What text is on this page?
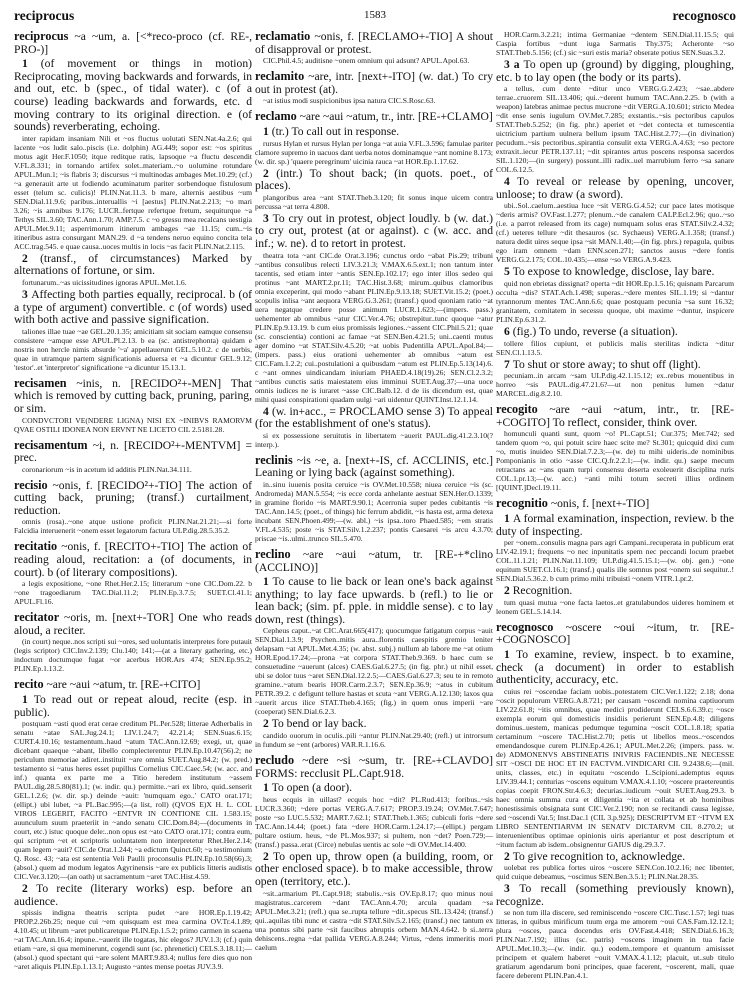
reciprocus	1583	recognosco

reciprocus ~a ~um, a. [<*reco-proco (cf. RE-, PRO-)]

1 (of movement or things in motion) Reciprocating, moving backwards and forwards, in and out, etc. b (spec., of tidal water). c (of a course) leading backwards and forwards, etc. d moving contrary to its original direction. e (of sounds) reverberating, echoing.

inter rapidam insaniam Nili et ~os fluctus uolutati SEN.Nat.4a.2.6; qui lacente ~os ludit salo..piscis (i.e. dolphin) AG.449; sopor est: ~os spiritus motus agit Her.F.1050; itque reditque ratis, lapsoque ~a fluctu descendit V.FL.8.331; in tornando artifex solet..materiam..~o uolumine rotundare APUL.Mun.1; ~is flabris 3; discursus ~i multinodas ambages Met.10.29; (cf.) ~a generauit arte ut fodiendo acuminatum pariter sorbendoque fistulosum esset (telum sc. culicis)! PLIN.Nat.11.3. b mare, alternis aestibus ~um SEN.Dial.11.9.6; paribus..interuallis ~i [aestus] PLIN.Nat.2.213; ~o mari 3.26; ~is amnibus 9.176; LUCR..fertque refertque fretum, sequiturque ~a Tethys SIL.3.60; TAC.Ann.1.70; AMP.7.5. c ~o gressu mea recalcans uestigia APUL.Met.9.11; asperrimorum itinerum ambages ~ae 11.15; cum..~is itineribus astra consurgant MAN.29. d ~a tendens neruo equino concita tela ACC.trag.545. e quae causa..uoces multis in locis ~as facit PLIN.Nat.2.115.

2 (transf., of circumstances) Marked by alternations of fortune, or sim.

fortunarum..~as uicissitudines ignoras APUL.Met.1.6.

3 Affecting both parties equally, reciprocal. b (of a type of argument) convertible. c (of words) used with both active and passive signification.

taliones illae tuae ~ae GEL.20.1.35; amicitiam sit sociam eamque consensu consistere ~amque esse APUL.Pl.2.13. b ea (sc. antistrephonta) quidam e nostris non hercle nimis absurde '~a' appellauerunt GEL.5.10.2. c de uerbis, quae in utramque partem significationis aduersa et ~a dicuntur GEL.9.12; 'testor'..et 'interpretor' significatione ~a dicuntur 15.13.1.

recisamen ~inis, n. [RECIDO²+-MEN] That which is removed by cutting back, pruning, paring, or sim.

CONDVCTORI VE(NDERE LIGNA) NISI EX ~INIBVS RAMORVM QVAE OSTILI IDONEA NON ERVNT NE LICETO CIL 2.5181.28.

recisamentum ~i, n. [RECIDO²+-MENTVM] = prec.

coronariorum ~is in acetum id additis PLIN.Nat.34.111.

recisio ~onis, f. [RECIDO²+-TIO] The action of cutting back, pruning; (transf.) curtailment, reduction.

omnis (rosa)..~one atque ustione proficit PLIN.Nat.21.21;—si forte Falcidia interuenerit ~onem esset legatorum factura ULP.dig.28.5.35.2.

recitatio ~onis, f. [RECITO+-TIO] The action of reading aloud, recitation: a (of documents, in court). b (of literary compositions).

a legis expositione, ~one Rhet.Her.2.15; litterarum ~one CIC.Dom.22. b ~one tragoediarum TAC.Dial.11.2; PLIN.Ep.3.7.5; SUET.Cl.41.1; APUL.Fl.16.

recitator ~oris, m. [next+-TOR] One who reads aloud, a reciter.

(in court) neque..nos scripti sui ~ores, sed uoluntatis interpretes fore putauit (legis scriptor) CIC.Inv.2.139; Clu.140; 141;—(at a literary gathering, etc.) indoctum doctumque fugat ~or acerbus HOR.Ars 474; SEN.Ep.95.2; PLIN.Ep.1.13.2.

recito ~are ~aui ~atum, tr. [RE-+CITO]

1 To read out or repeat aloud, recite (esp. in public).

postquam ~asti quod erat cerae creditum PL.Per.528; litterae Adherbalis in senatu ~atae SAL.Jug.24.1; LIV.1.24.7; 42.21.4; SEN.Suas.6.15; CURT.4.10.16; testamentum..haud ~atum TAC.Ann.12.69; exegi, ut, quae dicebant quaeque ~abant, libello complecterentur PLIN.Ep.10.47(56).2; ne periculum memoriae adiret..instituit ~are omnia SUET.Aug.84.2; (w. pred.) testamento si ~atus heres esset pupillus Cornelius CIC.Caec.54; (w. acc. and inf.) quanta ex parte me a Titio heredem institutum ~assem PAUL.dig.28.5.80(81).1; (w. indir. qu.) permitte..~ari ex libro, quid..senserit GEL.1.2.6; (w. dir. sp.) deinde ~auit: 'numquam ego..' CATO orat.171; (ellipt.) ubi lubet, ~a PL.Bac.995;—(a list, roll) (QVOS E)X H. L. COL VIROS LEGERIT, FACITO ~ENTVR IN CONTIONE CIL 1.583.15; auunculum suum praeteriit in ~ando senatu CIC.Dom.84;—(documents in court, etc.) istuc quoque dele:..non opus est ~ato CATO orat.171; contra eum, qui scriptum ~et et scriptoris uoluntatem non interpretetur Rhet.Her.2.14; quam legem ~auit? CIC.de Orat.1.244; ~a edictum Quinct.60; ~a testimonium Q. Rosc. 43; ~ata est sententia Veli Paulli proconsulis PLIN.Ep.10.58(66).3; (absol.) quem ad modum legatos Agyrinensis ~are ex publicis litteris audistis CIC.Ver.3.120;—(an oath) ut sacramentum ~aret TAC.Hist.4.59.

2 To recite (literary works) esp. before an audience.

spissis indigna theatris scripta pudet ~are HOR.Ep.1.19.42; PROP.2.26b.25; neque cui ~em quisquam est mea carmina OV.Tr.4.1.89; 4.10.45; ut librum ~aret publicaretque PLIN.Ep.1.5.2; primo carmen in scaena ~at TAC.Ann.16.4; inpune..~auerit ille togatas, hic elegos? JUV.1.3; (cf.) quin etiam ~are, si qua meminerunt, cogendi sunt (sc. phrenetici) CELS.3.18.11;—(absol.) quod spectant qui ~are solent MART.9.83.4; nullus fere dies quo non ~aret aliquis PLIN.Ep.1.13.1; Augusto ~antes mense poetas JUV.3.9.

reclamatio ~onis, f. [RECLAMO+-TIO] A shout of disapproval or protest.

CIC.Phil.4.5; auditisne ~onem omnium qui adsunt? APUL.Apol.63.

reclamito ~are, intr. [next+-ITO] (w. dat.) To cry out in protest (at).

~at istius modi suspicionibus ipsa natura CIC.S.Rosc.63.

reclamo ~are ~aui ~atum, tr., intr. [RE-+CLAMO]

1 (tr.) To call out in response.

rursus Hylan et rursus Hylan per longa ~at auia V.FL.3.596; famulae pariter clamore supremo in uacuos dant uerba notos dominamque ~ant nomine 8.173; (w. dir. sp.) 'quaere peregrinum' uicinia rauca ~at HOR.Ep.1.17.62.

2 (intr.) To shout back; (in quots. poet., of places).

plangoribus area ~ant STAT.Theb.3.120; fit sonus inque uicem contra percussa ~at terra 4.808.

3 To cry out in protest, object loudly. b (w. dat.) to cry out, protest (at or against). c (w. acc. and inf.; w. ne). d to retort in protest.

theatra tota ~ant CIC.de Orat.3.196; cunctus ordo ~abat Pis.29; tribuni ~antibus consulibus relecti LIV.3.21.3; V.MAX.6.5.ext.1; non tantum inter tacentis, sed etiam inter ~antis SEN.Ep.102.17; ego inter illos sedeo qui protinus ~ant MART.2.pr.11; TAC.Hist.3.68; mirum..quibus clamoribus omnia exceperint, qui modo ~abant PLIN.Ep.9.13.18; SUET.Vit.15.2; (poet.) scopulis inlisa ~ant aequora VERG.G.3.261; (transf.) quod quoniam ratio ~at uera negatque credere posse animum LUCR.1.623;—(impers. pass.) uehementer ab omnibus ~atur CIC.Ver.4.76; obstrepitur..tunc quoque ~atur PLIN.Ep.9.13.19. b cum eius promissis legiones..~assent CIC.Phil.5.21; quae (sc. conscientia) contioni ac famae ~at SEN.Ben.4.21.5; uni..caenti mutus ager domino ~at STAT.Silv.4.5.20; ~at uobis Pudentilla APUL.Apol.84;—(impers. pass.) eius orationi uehementer ab omnibus ~atum est CIC.Fam.1.2.2; cui..postulationi a quibusdam ~atum est PLIN.Ep.5.13(14).6. c ~ant omnes uindicandam iniuriam PHAED.4.18(19).26; SEN.Cl.2.3.2; ~antibus cunctis satis maiestatem eius imminui SUET.Aug.37;—una uoce omnis iudices ne is iuraret ~asse CIC.Balb.12. d de iis dicendum est, quae mihi quasi conspirationi quadam uulgi ~ari uidentur QUINT.Inst.12.1.14.

4 (w. in+acc., = PROCLAMO sense 3) To appeal (for the establishment of one's status).

si ex possessione seruitutis in libertatem ~auerit PAUL.dig.41.2.3.10(?interp.).

reclinis ~is ~e, a. [next+-IS, cf. ACCLINIS, etc.] Leaning or lying back (against something).

in..sinu iuuenis posita ceruice ~is OV.Met.10.558; niuea ceruice ~is (sc. Andromeda) MAN.5.554; ~is ecce corda anhelante aestuat SEN.Her.O.1339; in gramine florido ~is MART.9.90.1; Acerronia super pedes cubitantis ~is TAC.Ann.14.5; (poet., of things) hic ferrum abdidit, ~is hasta est, arma detexa incubant SEN.Phoen.499;—(w. abl.) ~is ipsa..toro Phaed.585; ~em stratis V.FL.4.535; poste ~is STAT.Silv.1.2.237; pontis Caesarei ~is arcu 4.3.70; priscae ~is..ulmi..trunco SIL.5.470.

reclino ~are ~aui ~atum, tr. [RE-+*clino (ACCLINO)]

1 To cause to lie back or lean one's back against anything; to lay face upwards. b (refl.) to lie or lean back; (sim. pf. pple. in middle sense). c to lay down, rest (things).

Cepheus caput..~at CIC.Arat.665(417); quocumque fatigatum corpus ~auit SEN.Dial.1.3.9; Psychen..mitis aura..florentis caespitis gremio leniter delapsam ~at APUL.Met.4.35; (w. abst. subj.) nullum ab labore me ~at otium HOR.Epod.17.24;—prona ~at corpora STAT.Theb.9.369. b haec cum se consuetudine ~auerunt (alces) CAES.Gal.6.27.5; (in fig. phr.) ut nihil esset, ubi se dolor tuus ~aret SEN.Dial.12.2.5;—CAES.Gal.6.27.3; seu te in remoto gramine..~atum bearis HOR.Carm.2.3.7; SEN.Ep.36.9; ~atus in cubitum PETR.39.2. c defigunt tellure hastas et scuta ~ant VERG.A.12.130; laxos qua ~auerit arcus ilice STAT.Theb.4.165; (fig.) in quem onus imperii ~are (coeperat) SEN.Dial.6.2.3.

2 To bend or lay back.

candido ouorum in oculis..pili ~antur PLIN.Nat.29.40; (refl.) ut introrsum in fundum se ~ent (arbores) VAR.R.1.16.6.

recludo ~dere ~si ~sum, tr. [RE-+CLAVDO] FORMS: recclusit PL.Capt.918.

1 To open (a door).

heus ecquis in uillast? ecquis hoc ~dit? PL.Rud.413; foribus..~sis LUCR.3.360; ~dere portas VERG.A.7.617; PROP.3.19.24; OV.Met.7.647; poste ~so LUC.5.532; MART.7.62.1; STAT.Theb.1.365; cubiculi foris ~dere TAC.Ann.14.44; (poet.) fata ~dere HOR.Carm.1.24.17;—(ellipt.) pergam pultare ostium. heus, ~de PL.Mos.937; si pultem, non ~det? Poen.729;—(transf.) passa..erat (Circe) nebulas uentis ac sole ~di OV.Met.14.400.

2 To open up, throw open (a building, room, or other enclosed space). b to make accessible, throw open (territory, etc.).

~sit..armarium PL.Capt.918; stabulis..~sis OV.Ep.8.17; quo minus noui magistratus..carcerem ~dant TAC.Ann.4.70; arcula quadam ~sa APUL.Met.3.21; (refl.) qua se..rupta tellure ~dit..specus SIL.13.424; (transf.) qui..aquilas tibi nunc et castra ~dit STAT.Silv.5.2.165; (transf.) nec tantum ex una pontus sibi parte ~sit faucibus abruptis orbem MAN.4.642. b si..terra dehiscens..regna ~dat pallida VERG.A.8.244; Virtus, ~dens immeritis mori caelum

HOR.Carm.3.2.21; intima Germaniae ~dentem SEN.Dial.11.15.5; qui Caspia fortibus ~dunt iuga Sarmatis Thy.375; Acheronte ~so STAT.Theb.5.156; (cf.) sic ~suri estis maria? obserate potius SEN.Suas.3.2.

3 a To open up (ground) by digging, ploughing, etc. b to lay open (the body or its parts).

a tellus, cum dente ~ditur unco VERG.G.2.423; ~sae..abdere terrae..cruorem SIL.13.406; qui..~derent humum TAC.Ann.2.25. b (with a weapon) latebras animae pectus mucrone ~dit VERG.A.10.601; stricto Medea ~dit ense senis iugulum OV.Met.7.285; exstantis..~sis pectoribus capulos STAT.Theb.5.252; (in fig. phr.) aperiet et ~det contecta et tumescentia uictricium partium uulnera bellum ipsum TAC.Hist.2.77;—(in divination) pecudum..~sis pectoribus..spirantia consulit exta VERG.A.4.63; ~so pectore extraxit..iecur PETR.137.11; ~dit spirantes artus poscens responsa sacerdos SIL.1.120;—(in surgery) possunt..illi radix..uel marrubium ferro ~sa sanare COL.6.12.5.

4 To reveal or release by opening, uncover, unloose; to draw (a sword).

ubi..Sol..caelum..aestiua luce ~sit VERG.G.4.52; cur pace lates motisque ~deris armis? OV.Fast.1.277; plenum..~de canalem CALP.Ecl.2.96; quo..~so (i.e. a parrot released from its cage) numquam solus eras STAT.Silv.2.4.32; (cf.) ueteres tellure ~dit thesauros (sc. Sychaeus) VERG.A.1.358; (transf.) natura dedit uires seque ipsa ~sit MAN.1.40;—(in fig. phrs.) repagula, quibus ego iram omnem ~dam ENN.scen.271; sanctos ausus ~dere fontis VERG.G.2.175; COL.10.435;—ense ~so VERG.A.9.423.

5 To expose to knowledge, disclose, lay bare.

quid non ebrietas dissignat? operta ~dit HOR.Ep.1.5.16; quisnam Parcarum occulta ~dis? STAT.Ach.1.498; superas..~dere mentes SIL.1.19; si ~dantur tyrannorum mentes TAC.Ann.6.6; quae postquam pecunia ~sa sunt 16.32; granitatem, comitatem in secessu quoque, ubi maxime ~duntur, inspicere PLIN.Ep.6.31.2.

6 (fig.) To undo, reverse (a situation).

tollere filios cupiunt, et publicis malis sterilitas indicta ~ditur SEN.Cl.1.13.5.

7 To shut or store away; to shut off (light).

pecuniam..in arcam ~sam ULP.dig.42.1.15.12; ex..rebus mouentibus in horreo ~sis PAUL.dig.47.21.6?—ut non penitus lumen ~datur MARCEL.dig.8.2.10.

recogito ~are ~aui ~atum, intr., tr. [RE-+COGITO] To reflect, consider, think over.

homunculi quanti sunt, quom ~o! PL.Capt.51; Cur.375; Mer.742; sed tandem quom ~o, qui potuit scire haec scite me? St.301; quicquid dixi cum ~o, mutis inuideo SEN.Dial.7.2.3;—(w. de) tu mihi uideris..de nominibus Pomponianis in otio ~asse CIC.Q.fr.2.2.1;—(w. indir. qu.) saepe mecum retractans ac ~ans quam turpi consensu deserta exoleuerit disciplina ruris COL.1.pr.13;—(w. acc.) ~anti mihi totum secreti illius ordinem [QUINT.]Decl.19.11.

recognitio ~onis, f. [next+-TIO]

1 A formal examination, inspection, review. b the duty of inspecting.

per ~onem..consulis magna pars agri Campani..recuperata in publicum erat LIV.42.19.1; frequens ~o nec inpunitatis spem nec peccandi locum praebet COL.11.1.21; PLIN.Nat.11.109; ULP.dig.41.5.15.1;—(w. obj. gen.) ~one equitum SUET.Cl.16.1; (transf.) qualis ille somnus post ~onem sui sequitur..! SEN.Dial.5.36.2. b cum primo mihi tribuisti ~onem VITR.1.pr.2.

2 Recognition.

tum quasi mutua ~one facta laetos..et gratulabundos uideres hominem et leonem GEL.5.14.14.

recognosco ~oscere ~oui ~itum, tr. [RE-+COGNOSCO]

1 To examine, review, inspect. b to examine, check (a document) in order to establish authenticity, accuracy, etc.

cuius rei ~oscendae faciam uobis..potestatem CIC.Ver.1.122; 2.18; dona ~oscit populorum VERG.A.8.721; per causam ~oscendi nomina captiuorum LIV.22.61.8; ~itis omnibus, quae medici prodiderunt CELS.6.6.39.c; ~osce exempla eorum qui domesticis insidiis perierunt SEN.Ep.4.8; diligens dominus..uestem, manicas pedumque tegumina ~oscit COL.1.8.18; spatia certaminum ~oscere TAC.Hist.2.70; petis ut libellos meos..~oscendos emendandosque curem PLIN.Ep.4.26.1; APUL.Met.2.26; (impers. pass. w. de) ADMONENVS ABSTINEATIS INIVRIS FACIENDIS..NE NECESSE SIT ~OSCI DE HOC ET IN FACTVM..VINDICARI CIL 9.2438.6;—(mil. units, classes, etc.) in equitatu ~oscendo L.Scipioni..ademptus equus LIV.39.44.1; centurias ~oscens equitum V.MAX.4.1.10; ~oscere praetereuntis copias coepit FRON.Str.4.6.3; decurias..iudicum ~ouit SUET.Aug.29.3. b haec omnia summa cura et diligentia ~ita et collata et ab hominibus honestissimis obsignata sunt CIC.Ver.2.190; non se recitandi causa legisse, sed ~oscendi Vat.5; Inst.Dac.1 (CIL 3.p.925); DESCRIPTVM ET ~ITVM EX LIBRO SENTENTIARVM IN SENATV DICTARVM CIL 8.270.2; ut interuenientibus optimae opinionis uiris aperiantur et post descriptum et ~itum factum ab isdem..obsignentur GAIUS dig.29.3.7.

2 To give recognition to, acknowledge.

uolebat res publica fortes uiros ~oscere SEN.Con.10.2.16; nec libenter, quid cuique debeamus, ~oscimus SEN.Ben.3.5.1; PLIN.Nat.28.35.

3 To recall (something previously known), recognize.

se non tum illa discere, sed reminiscendo ~oscere CIC.Tusc.1.57; legi tuas litteras, in quibus mirificum tuum erga me amorem ~oui CAS.Fam.12.12.1; plura ~osces, pauca docendus eris OV.Fast.4.418; SEN.Dial.6.16.3; PLIN.Nat.7.192; illius (sc. patris) ~oscens imaginem in tua facie APUL.Met.10.3;—(w. indir. qu.) eodem..tempore et quantum amisisset principem et qualem haberet ~ouit V.MAX.4.1.12; placuit, ut..sub titulo gratiarum agendarum boni principes, quae facerent, ~oscerent, mali, quae facere deberent PLIN.Pan.4.1.
